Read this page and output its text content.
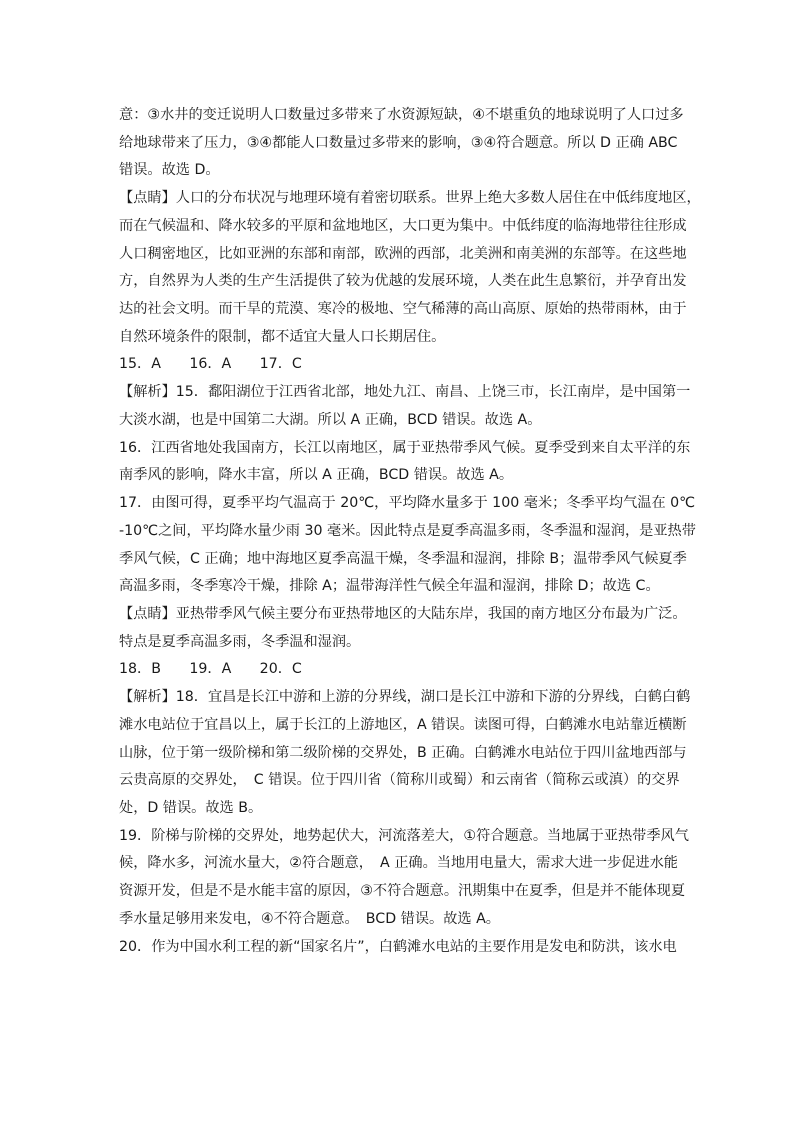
意：③水井的变迁说明人口数量过多带来了水资源短缺，④不堪重负的地球说明了人口过多
给地球带来了压力，③④都能人口数量过多带来的影响，③④符合题意。所以 D 正确 ABC
错误。故选 D。
【点睛】人口的分布状况与地理环境有着密切联系。世界上绝大多数人居住在中低纬度地区，
而在气候温和、降水较多的平原和盆地地区，大口更为集中。中低纬度的临海地带往往形成
人口稠密地区，比如亚洲的东部和南部，欧洲的西部，北美洲和南美洲的东部等。在这些地
方，自然界为人类的生产生活提供了较为优越的发展环境，人类在此生息繁衍，并孕育出发
达的社会文明。而干旱的荒漠、寒冷的极地、空气稀薄的高山高原、原始的热带雨林，由于
自然环境条件的限制，都不适宜大量人口长期居住。
15．A　　16．A　　17．C
【解析】15．鄱阳湖位于江西省北部，地处九江、南昌、上饶三市，长江南岸，是中国第一
大淡水湖，也是中国第二大湖。所以 A 正确，BCD 错误。故选 A。
16．江西省地处我国南方，长江以南地区，属于亚热带季风气候。夏季受到来自太平洋的东
南季风的影响，降水丰富，所以 A 正确，BCD 错误。故选 A。
17．由图可得，夏季平均气温高于 20℃，平均降水量多于 100 毫米；冬季平均气温在 0℃
-10℃之间，平均降水量少雨 30 毫米。因此特点是夏季高温多雨，冬季温和湿润，是亚热带
季风气候，C 正确；地中海地区夏季高温干燥，冬季温和湿润，排除 B；温带季风气候夏季
高温多雨，冬季寒冷干燥，排除 A；温带海洋性气候全年温和湿润，排除 D；故选 C。
【点睛】亚热带季风气候主要分布亚热带地区的大陆东岸，我国的南方地区分布最为广泛。
特点是夏季高温多雨，冬季温和湿润。
18．B　　19．A　　20．C
【解析】18．宜昌是长江中游和上游的分界线，湖口是长江中游和下游的分界线，白鹤白鹤
滩水电站位于宜昌以上，属于长江的上游地区，A 错误。读图可得，白鹤滩水电站靠近横断
山脉，位于第一级阶梯和第二级阶梯的交界处，B 正确。白鹤滩水电站位于四川盆地西部与
云贵高原的交界处，　C 错误。位于四川省（简称川或蜀）和云南省（简称云或滇）的交界
处，D 错误。故选 B。
19．阶梯与阶梯的交界处，地势起伏大，河流落差大，①符合题意。当地属于亚热带季风气
候，降水多，河流水量大，②符合题意，　A 正确。当地用电量大，需求大进一步促进水能
资源开发，但是不是水能丰富的原因，③不符合题意。汛期集中在夏季，但是并不能体现夏
季水量足够用来发电，④不符合题意。　BCD 错误。故选 A。
20．作为中国水利工程的新“国家名片”，白鹤滩水电站的主要作用是发电和防洪，该水电
